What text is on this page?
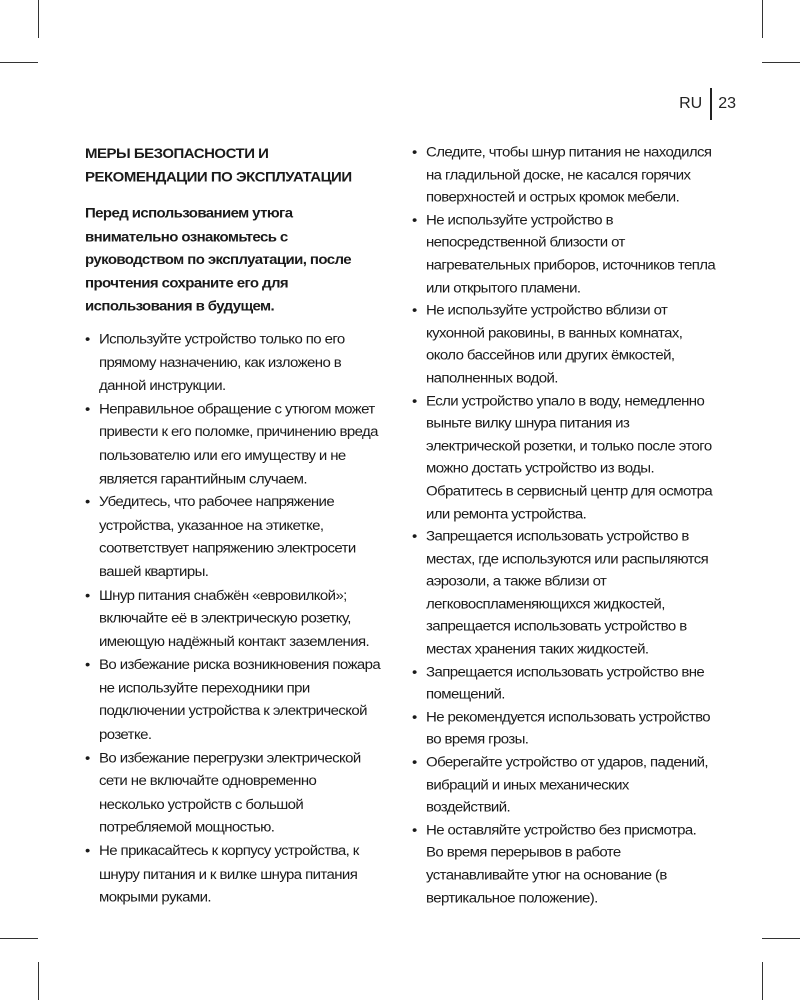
RU	23
МЕРЫ БЕЗОПАСНОСТИ И РЕКОМЕНДАЦИИ ПО ЭКСПЛУАТАЦИИ
Перед использованием утюга внимательно ознакомьтесь с руководством по эксплуатации, после прочтения сохраните его для использования в будущем.
• Используйте устройство только по его прямому назначению, как изложено в данной инструкции.
• Неправильное обращение с утюгом может привести к его поломке, причинению вреда пользователю или его имуществу и не является гарантийным случаем.
• Убедитесь, что рабочее напряжение устройства, указанное на этикетке, соответствует напряжению электросети вашей квартиры.
• Шнур питания снабжён «евровилкой»; включайте её в электрическую розетку, имеющую надёжный контакт заземления.
• Во избежание риска возникновения пожара не используйте переходники при подключении устройства к электрической розетке.
• Во избежание перегрузки электрической сети не включайте одновременно несколько устройств с большой потребляемой мощностью.
• Не прикасайтесь к корпусу устройства, к шнуру питания и к вилке шнура питания мокрыми руками.
• Следите, чтобы шнур питания не находился на гладильной доске, не касался горячих поверхностей и острых кромок мебели.
• Не используйте устройство в непосредственной близости от нагревательных приборов, источников тепла или открытого пламени.
• Не используйте устройство вблизи от кухонной раковины, в ванных комнатах, около бассейнов или других ёмкостей, наполненных водой.
• Если устройство упало в воду, немедленно выньте вилку шнура питания из электрической розетки, и только после этого можно достать устройство из воды. Обратитесь в сервисный центр для осмотра или ремонта устройства.
• Запрещается использовать устройство в местах, где используются или распыляются аэрозоли, а также вблизи от легковоспламеняющихся жидкостей, запрещается использовать устройство в местах хранения таких жидкостей.
• Запрещается использовать устройство вне помещений.
• Не рекомендуется использовать устройство во время грозы.
• Оберегайте устройство от ударов, падений, вибраций и иных механических воздействий.
• Не оставляйте устройство без присмотра. Во время перерывов в работе устанавливайте утюг на основание (в вертикальное положение).
